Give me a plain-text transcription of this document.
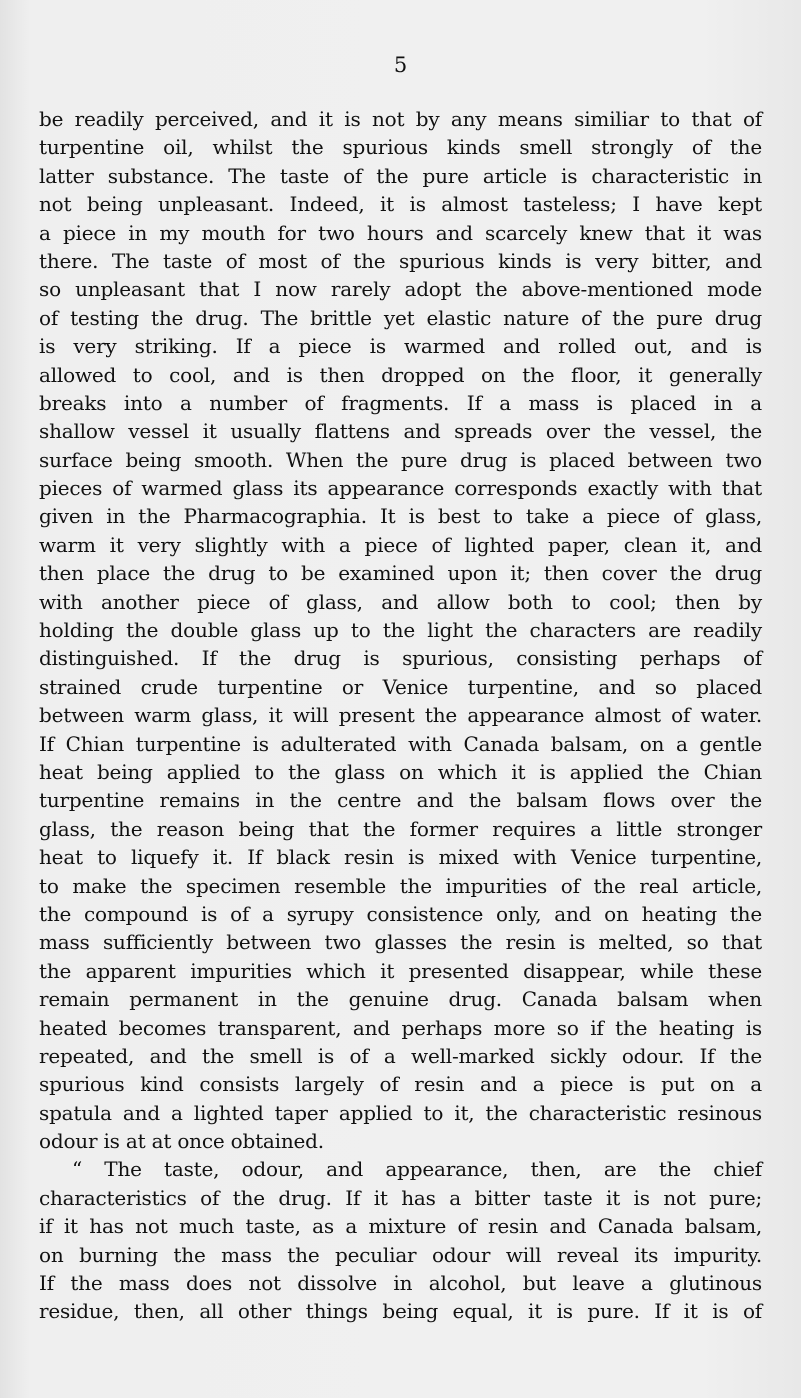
5
be readily perceived, and it is not by any means similiar to that of
turpentine oil, whilst the spurious kinds smell strongly of the
latter substance. The taste of the pure article is characteristic in
not being unpleasant. Indeed, it is almost tasteless; I have kept
a piece in my mouth for two hours and scarcely knew that it was
there. The taste of most of the spurious kinds is very bitter, and
so unpleasant that I now rarely adopt the above-mentioned mode
of testing the drug. The brittle yet elastic nature of the pure drug
is very striking. If a piece is warmed and rolled out, and is
allowed to cool, and is then dropped on the floor, it generally
breaks into a number of fragments. If a mass is placed in a
shallow vessel it usually flattens and spreads over the vessel, the
surface being smooth. When the pure drug is placed between two
pieces of warmed glass its appearance corresponds exactly with that
given in the Pharmacographia. It is best to take a piece of glass,
warm it very slightly with a piece of lighted paper, clean it, and
then place the drug to be examined upon it; then cover the drug
with another piece of glass, and allow both to cool; then by
holding the double glass up to the light the characters are readily
distinguished. If the drug is spurious, consisting perhaps of
strained crude turpentine or Venice turpentine, and so placed
between warm glass, it will present the appearance almost of water.
If Chian turpentine is adulterated with Canada balsam, on a gentle
heat being applied to the glass on which it is applied the Chian
turpentine remains in the centre and the balsam flows over the
glass, the reason being that the former requires a little stronger
heat to liquefy it. If black resin is mixed with Venice turpentine,
to make the specimen resemble the impurities of the real article,
the compound is of a syrupy consistence only, and on heating the
mass sufficiently between two glasses the resin is melted, so that
the apparent impurities which it presented disappear, while these
remain permanent in the genuine drug. Canada balsam when
heated becomes transparent, and perhaps more so if the heating is
repeated, and the smell is of a well-marked sickly odour. If the
spurious kind consists largely of resin and a piece is put on a
spatula and a lighted taper applied to it, the characteristic resinous
odour is at at once obtained.
“ The taste, odour, and appearance, then, are the chief
characteristics of the drug. If it has a bitter taste it is not pure;
if it has not much taste, as a mixture of resin and Canada balsam,
on burning the mass the peculiar odour will reveal its impurity.
If the mass does not dissolve in alcohol, but leave a glutinous
residue, then, all other things being equal, it is pure. If it is of
